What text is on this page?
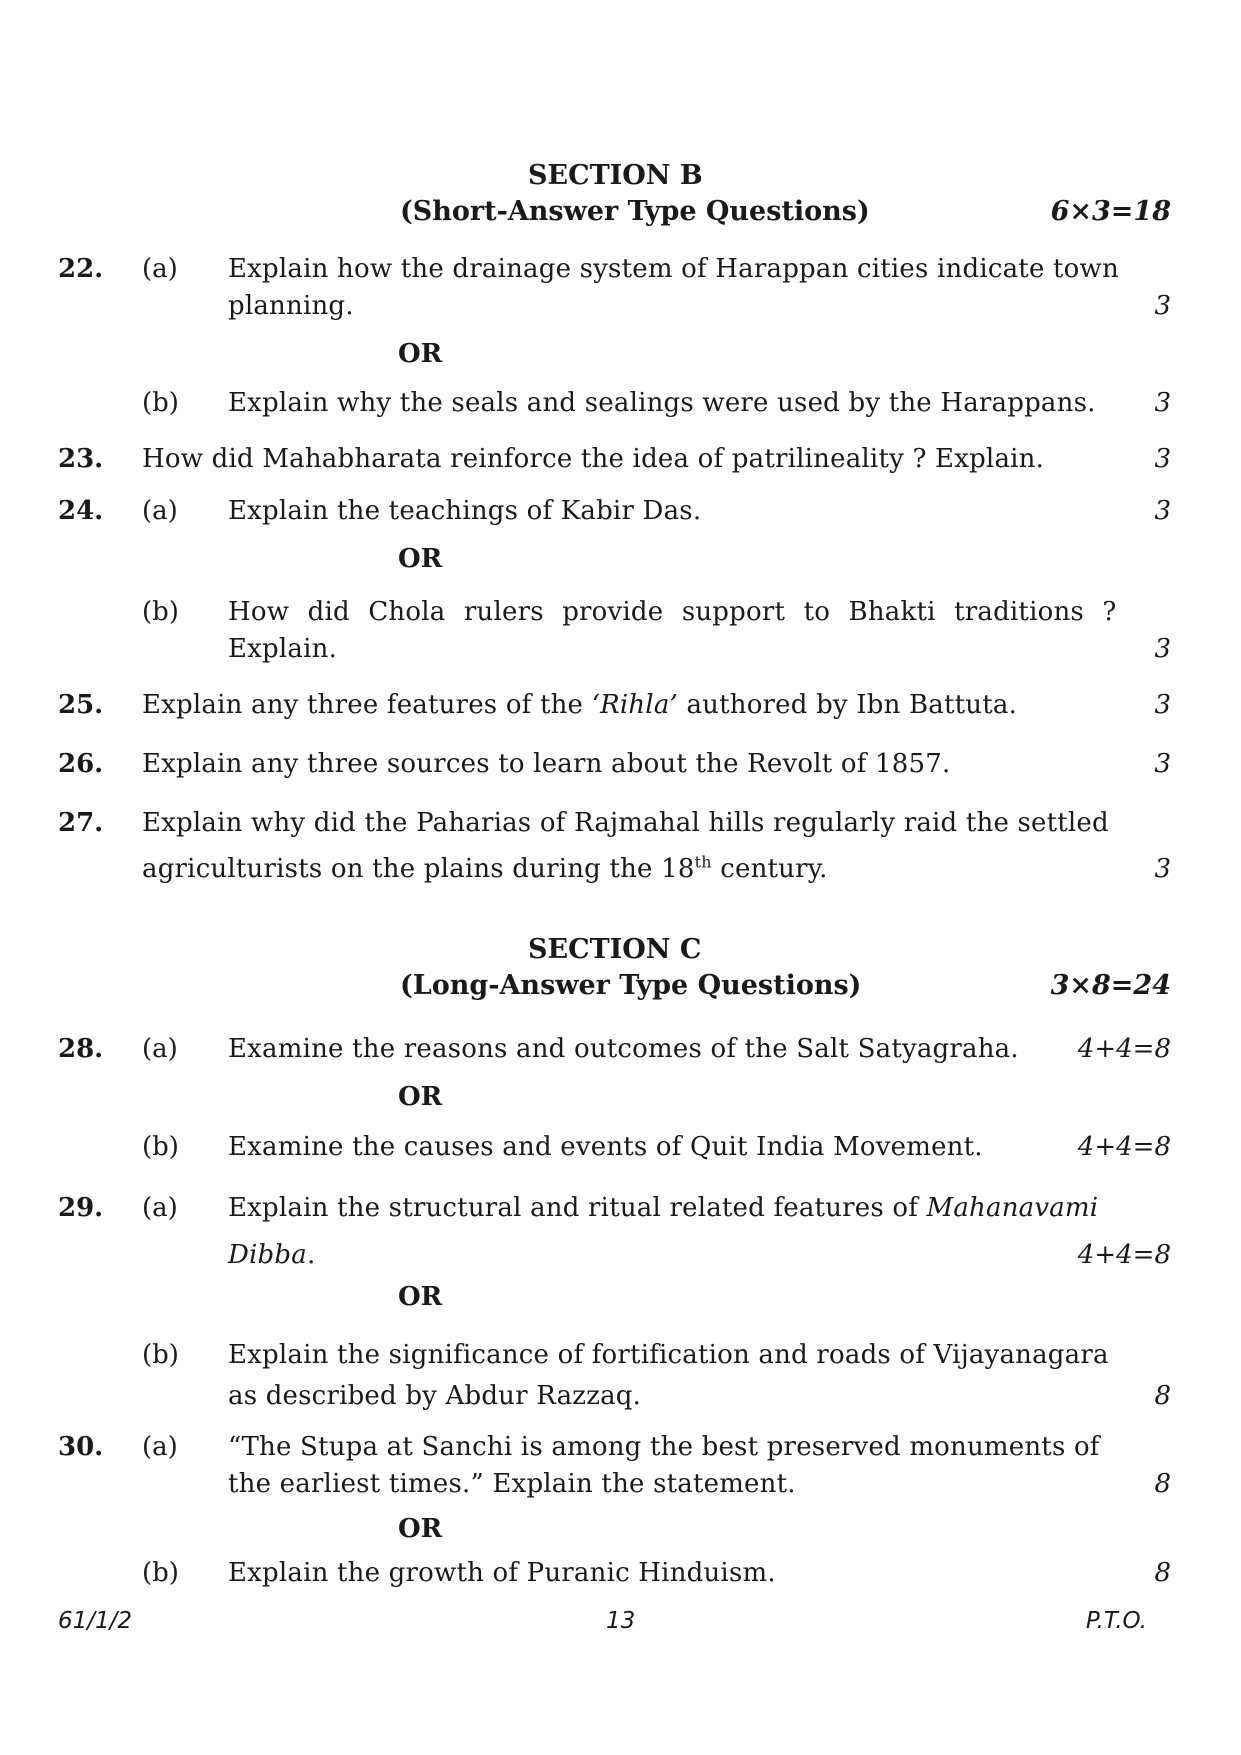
SECTION B
(Short-Answer Type Questions)	6×3=18
22. (a) Explain how the drainage system of Harappan cities indicate town
planning.	3
OR
(b) Explain why the seals and sealings were used by the Harappans. 3
23. How did Mahabharata reinforce the idea of patrilineality ? Explain.	3
24. (a) Explain the teachings of Kabir Das.	3
OR
(b) How did Chola rulers provide support to Bhakti traditions ?
Explain.	3
25. Explain any three features of the ‘Rihla’ authored by Ibn Battuta.	3
26. Explain any three sources to learn about the Revolt of 1857.	3
27. Explain why did the Paharias of Rajmahal hills regularly raid the settled
agriculturists on the plains during the 18th century.	3
SECTION C
(Long-Answer Type Questions)	3×8=24
28. (a) Examine the reasons and outcomes of the Salt Satyagraha. 4+4=8
OR
(b) Examine the causes and events of Quit India Movement.	4+4=8
29. (a) Explain the structural and ritual related features of Mahanavami
Dibba.	4+4=8
OR
(b) Explain the significance of fortification and roads of Vijayanagara
as described by Abdur Razzaq.	8
30. (a) “The Stupa at Sanchi is among the best preserved monuments of
the earliest times.” Explain the statement.	8
OR
(b) Explain the growth of Puranic Hinduism.	8
61/1/2	13	P.T.O.
